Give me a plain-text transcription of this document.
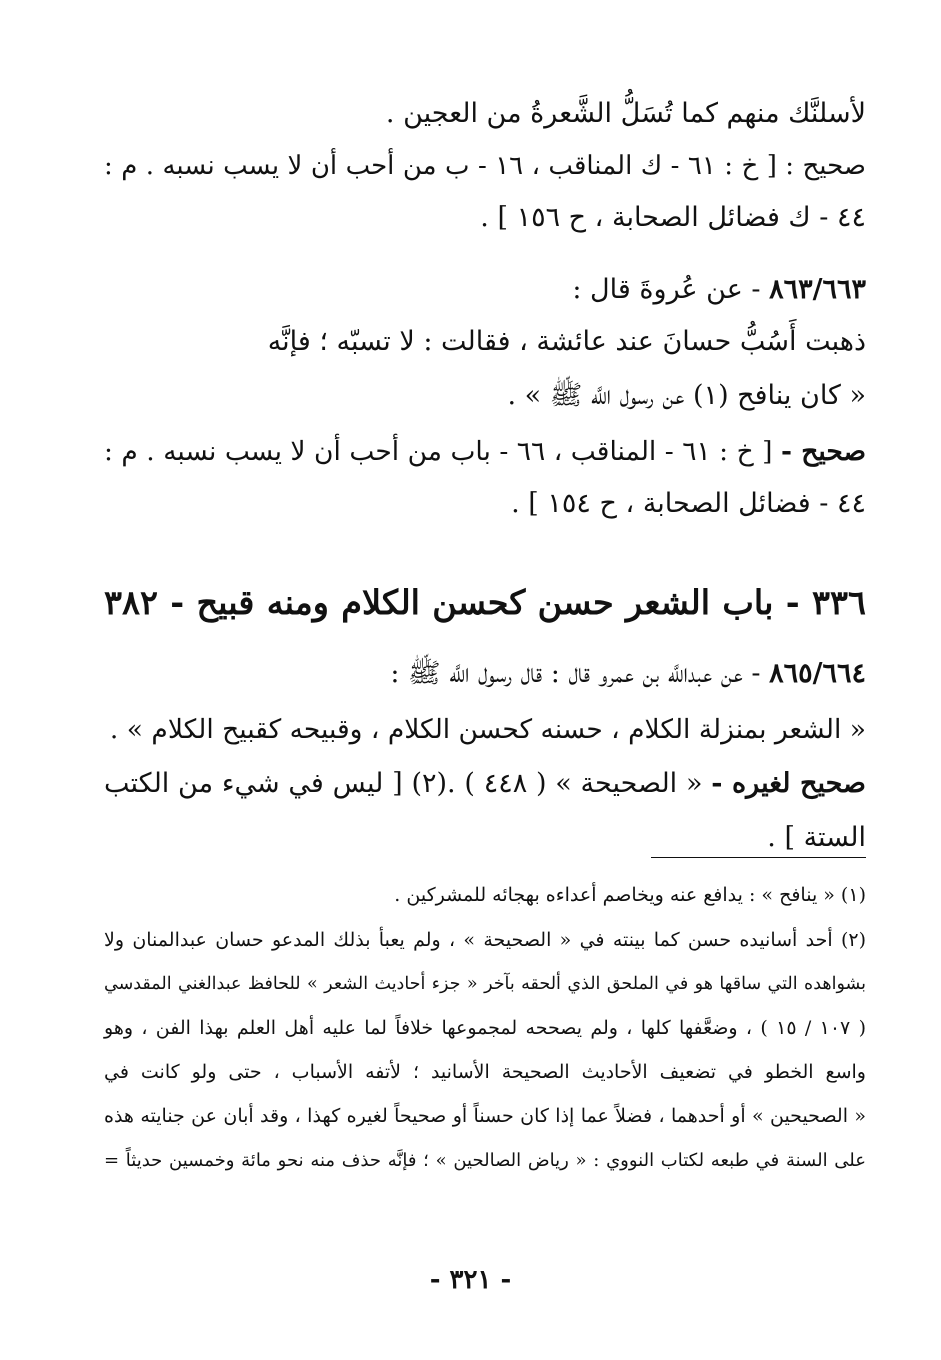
لأسلنَّك منهم كما تُسَلُّ الشَّعرةُ من العجين .
صحيح : [ خ : ٦١ - ك المناقب ، ١٦ - ب من أحب أن لا يسب نسبه . م :
٤٤ - ك فضائل الصحابة ، ح ١٥٦ ] .
٨٦٣/٦٦٣ - عن عُروةَ قال :
ذهبت أَسُبُّ حسانَ عند عائشة ، فقالت : لا تسبّه ؛ فإنَّه
« كان ينافح (١) عن رسول اللَّه ﷺ » .
صحيح - [ خ : ٦١ - المناقب ، ٦٦ - باب من أحب أن لا يسب نسبه . م :
٤٤ - فضائل الصحابة ، ح ١٥٤ ] .
٣٣٦ - باب الشعر حسن كحسن الكلام ومنه قبيح - ٣٨٢
٨٦٥/٦٦٤ - عن عبداللَّه بن عمرو قال : قال رسول اللَّه ﷺ :
« الشعر بمنزلة الكلام ، حسنه كحسن الكلام ، وقبيحه كقبيح الكلام » .
صحيح لغيره - « الصحيحة » ( ٤٤٨ ) .(٢) [ ليس في شيء من الكتب
الستة ] .
(١) « ينافح » : يدافع عنه ويخاصم أعداءه بهجائه للمشركين .
(٢) أحد أسانيده حسن كما بينته في « الصحيحة » ، ولم يعبأ بذلك المدعو حسان عبدالمنان ولا
بشواهده التي ساقها هو في الملحق الذي ألحقه بآخر « جزء أحاديث الشعر » للحافظ عبدالغني المقدسي
( ١٠٧ / ١٥ ) ، وضعَّفها كلها ، ولم يصححه لمجموعها خلافاً لما عليه أهل العلم بهذا الفن ، وهو
واسع الخطو في تضعيف الأحاديث الصحيحة الأسانيد ؛ لأتفه الأسباب ، حتى ولو كانت في
« الصحيحين » أو أحدهما ، فضلاً عما إذا كان حسناً أو صحيحاً لغيره كهذا ، وقد أبان عن جنايته هذه
على السنة في طبعه لكتاب النووي : « رياض الصالحين » ؛ فإنَّه حذف منه نحو مائة وخمسين حديثاً =
- ٣٢١ -
